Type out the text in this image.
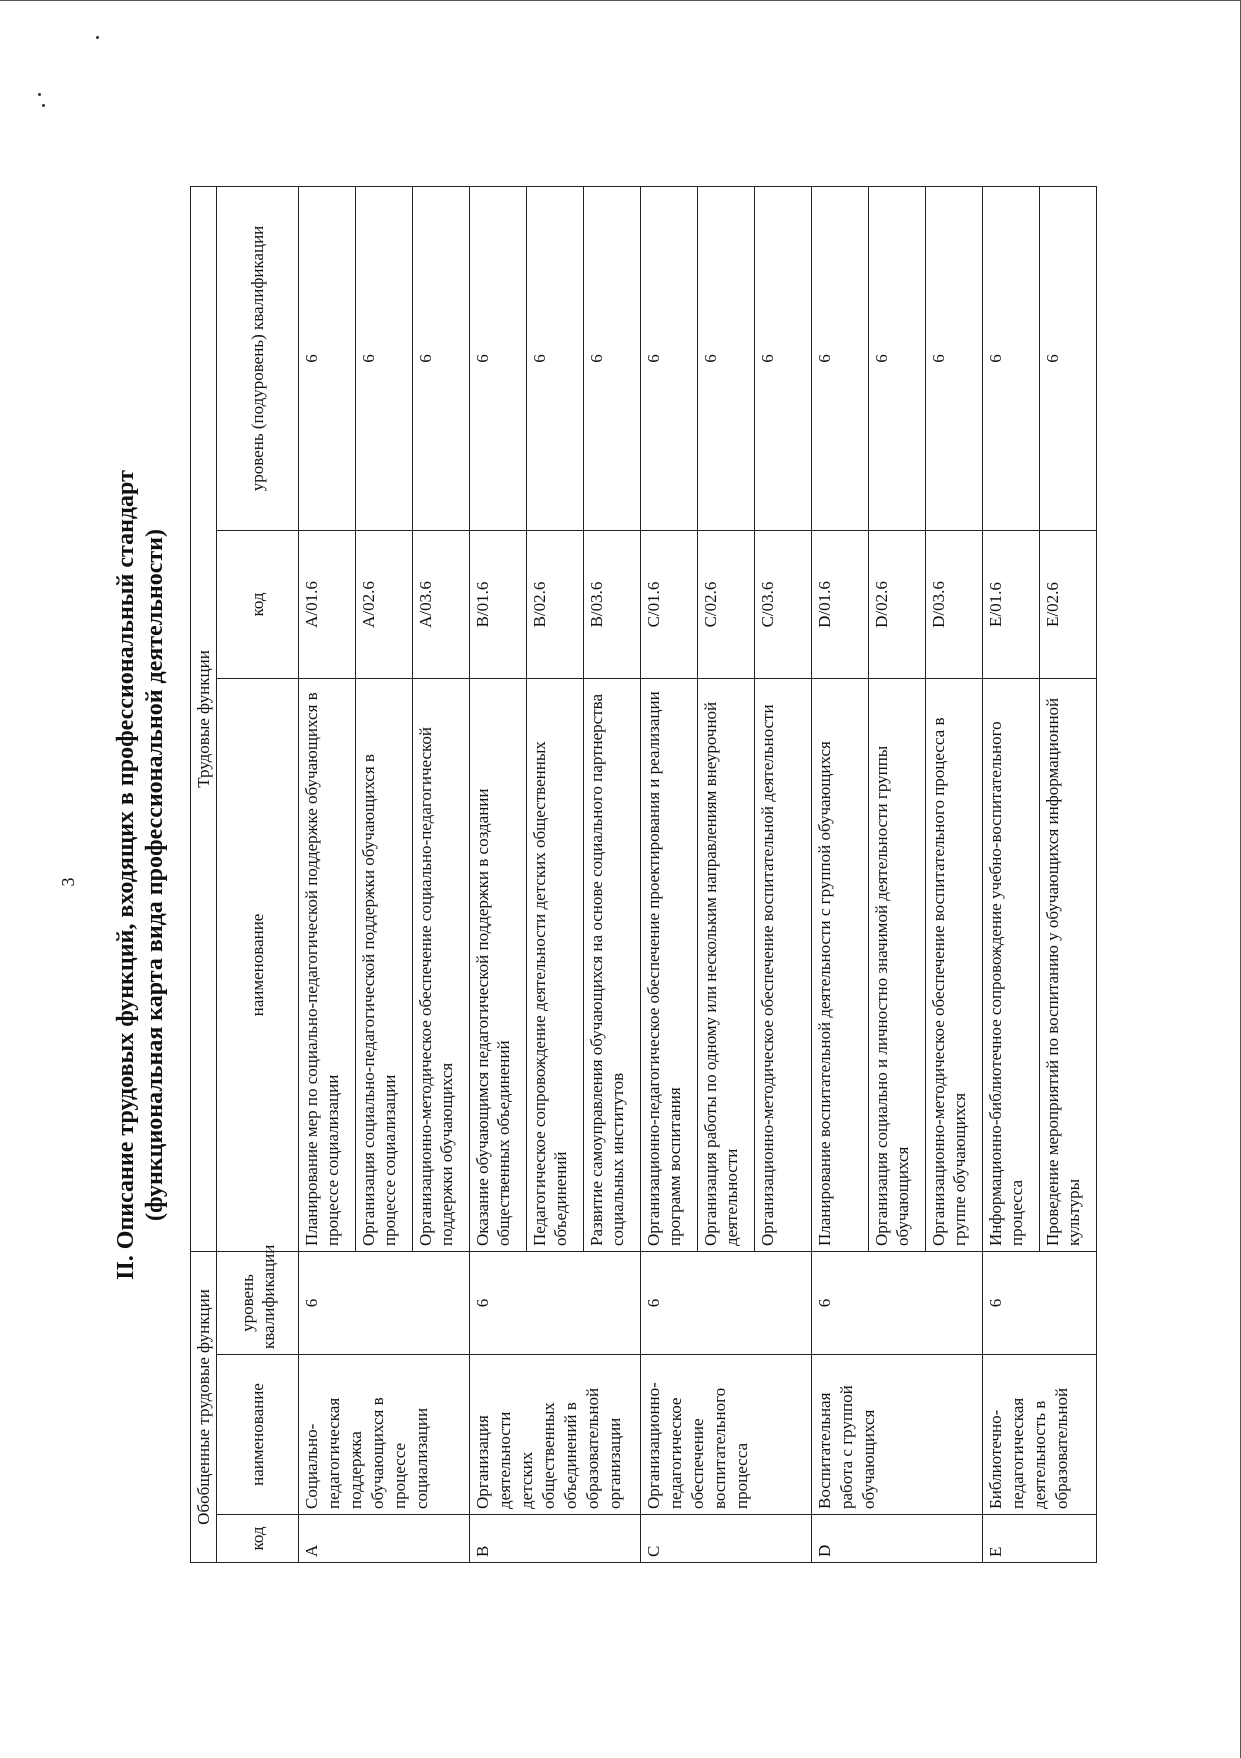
3 II. Описание трудовых функций, входящих в профессиональный стандарт (функциональная карта вида профессиональной деятельности)
Обобщенные трудовые функции			Трудовые функции		
код	наименование	уровень квалификации	наименование	код	уровень (подуровень) квалификации
A	Социально-педагогическая поддержка обучающихся в процессе социализации	6	Планирование мер по социально-педагогической поддержке обучающихся в процессе социализации	A/01.6	6
			Организация социально-педагогической поддержки обучающихся в процессе социализации	A/02.6	6
			Организационно-методическое обеспечение социально-педагогической поддержки обучающихся	A/03.6	6
B	Организация деятельности детских общественных объединений в образовательной организации	6	Оказание обучающимся педагогической поддержки в создании общественных объединений	B/01.6	6
			Педагогическое сопровождение деятельности детских общественных объединений	B/02.6	6
			Развитие самоуправления обучающихся на основе социального партнерства социальных институтов	B/03.6	6
C	Организационно-педагогическое обеспечение воспитательного процесса	6	Организационно-педагогическое обеспечение проектирования и реализации программ воспитания	C/01.6	6
			Организация работы по одному или нескольким направлениям внеурочной деятельности	C/02.6	6
			Организационно-методическое обеспечение воспитательной деятельности	C/03.6	6
D	Воспитательная работа с группой обучающихся	6	Планирование воспитательной деятельности с группой обучающихся	D/01.6	6
			Организация социально и личностно значимой деятельности группы обучающихся	D/02.6	6
			Организационно-методическое обеспечение воспитательного процесса в группе обучающихся	D/03.6	6
E	Библиотечно-педагогическая деятельность в образовательной	6	Информационно-библиотечное сопровождение учебно-воспитательного процесса	E/01.6	6
			Проведение мероприятий по воспитанию у обучающихся информационной культуры	E/02.6	6
